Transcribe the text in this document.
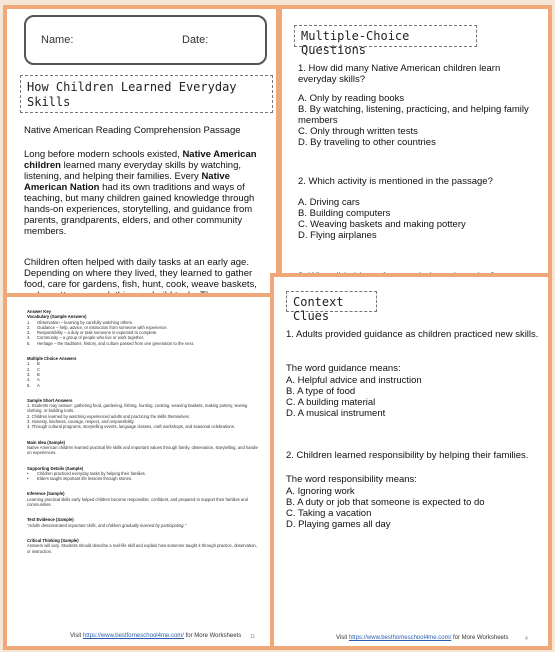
Name:	Date:
How Children Learned Everyday Skills
Native American Reading Comprehension Passage
Long before modern schools existed, Native American children learned many everyday skills by watching, listening, and helping their families. Every Native American Nation had its own traditions and ways of teaching, but many children gained knowledge through hands-on experiences, storytelling, and guidance from parents, grandparents, elders, and other community members.
Children often helped with daily tasks at an early age. Depending on where they lived, they learned to gather food, care for gardens, fish, hunt, cook, weave baskets,
Multiple-Choice Questions
1. How did many Native American children learn everyday skills?
A. Only by reading books
B. By watching, listening, practicing, and helping family members
C. Only through written tests
D. By traveling to other countries
2. Which activity is mentioned in the passage?
A. Driving cars
B. Building computers
C. Weaving baskets and making pottery
D. Flying airplanes
Answer Key
Vocabulary (Sample Answers)
1.	Observation – learning by carefully watching others.
2.	Guidance – help, advice, or instruction from someone with experience.
3.	Responsibility – a duty or task someone is expected to complete.
4.	Community – a group of people who live or work together.
5.	Heritage – the traditions, history, and culture passed from one generation to the next.
Multiple Choice Answers
1.	B
2.	C
3.	B
4.	A
5.	A
Sample Short Answers
1. Students may answer: gathering food, gardening, fishing, hunting, cooking, weaving baskets, making pottery, sewing clothing, or building tools.
2. Children learned by watching experienced adults and practicing the skills themselves.
3. Honesty, kindness, courage, respect, and responsibility.
4. Through cultural programs, storytelling events, language classes, craft workshops, and seasonal celebrations.
Main Idea (Sample)
Native American children learned practical life skills and important values through family, observation, storytelling, and hands-on experiences.
Supporting Details (Sample)
•	Children practiced everyday tasks by helping their families.
•	Elders taught important life lessons through stories.
Inference (Sample)
Learning practical skills early helped children become responsible, confident, and prepared to support their families and communities.
Text Evidence (Sample)
"Adults demonstrated important skills, and children gradually learned by participating."
Critical Thinking (Sample)
Answers will vary. Students should describe a real-life skill and explain how someone taught it through practice, observation, or instruction.
Visit https://www.bestforneschool4me.com/ for More Worksheets 11
Context Clues
1. Adults provided guidance as children practiced new skills.
The word guidance means:
A. Helpful advice and instruction
B. A type of food
C. A building material
D. A musical instrument
2. Children learned responsibility by helping their families.
The word responsibility means:
A. Ignoring work
B. A duty or job that someone is expected to do
C. Taking a vacation
D. Playing games all day
Visit https://www.besthomeschool4me.com/ for More Worksheets	4
